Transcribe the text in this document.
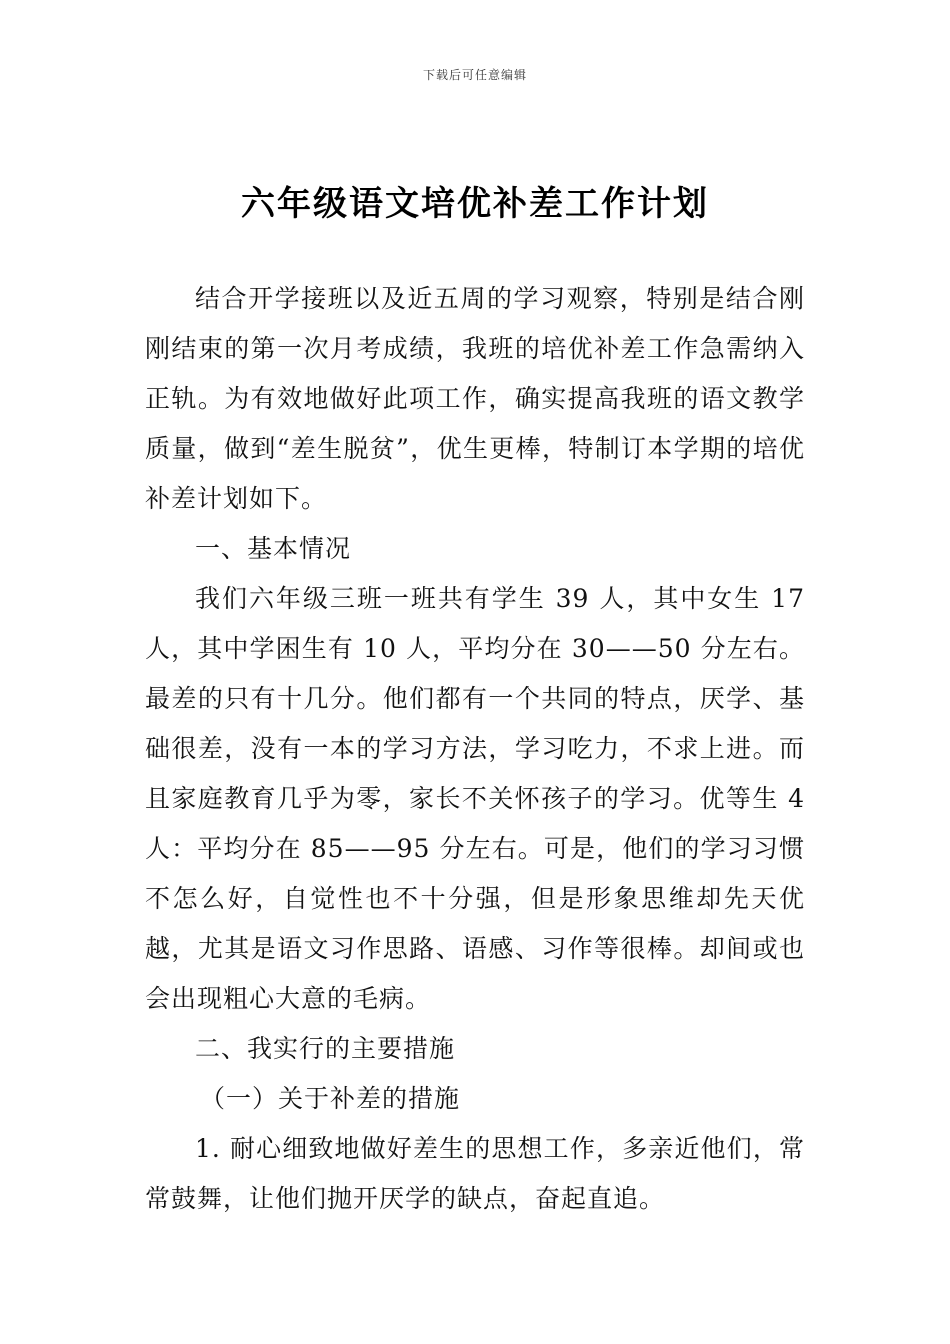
下载后可任意编辑
六年级语文培优补差工作计划

结合开学接班以及近五周的学习观察，特别是结合刚刚结束的第一次月考成绩，我班的培优补差工作急需纳入正轨。为有效地做好此项工作，确实提高我班的语文教学质量，做到“差生脱贫”，优生更棒，特制订本学期的培优补差计划如下。

一、基本情况

我们六年级三班一班共有学生 39 人，其中女生 17 人，其中学困生有 10 人，平均分在 30——50 分左右。最差的只有十几分。他们都有一个共同的特点，厌学、基础很差，没有一本的学习方法，学习吃力，不求上进。而且家庭教育几乎为零，家长不关怀孩子的学习。优等生 4 人：平均分在 85——95 分左右。可是，他们的学习习惯不怎么好，自觉性也不十分强，但是形象思维却先天优越，尤其是语文习作思路、语感、习作等很棒。却间或也会出现粗心大意的毛病。

二、我实行的主要措施

（一）关于补差的措施

1. 耐心细致地做好差生的思想工作，多亲近他们，常常鼓舞，让他们抛开厌学的缺点，奋起直追。
